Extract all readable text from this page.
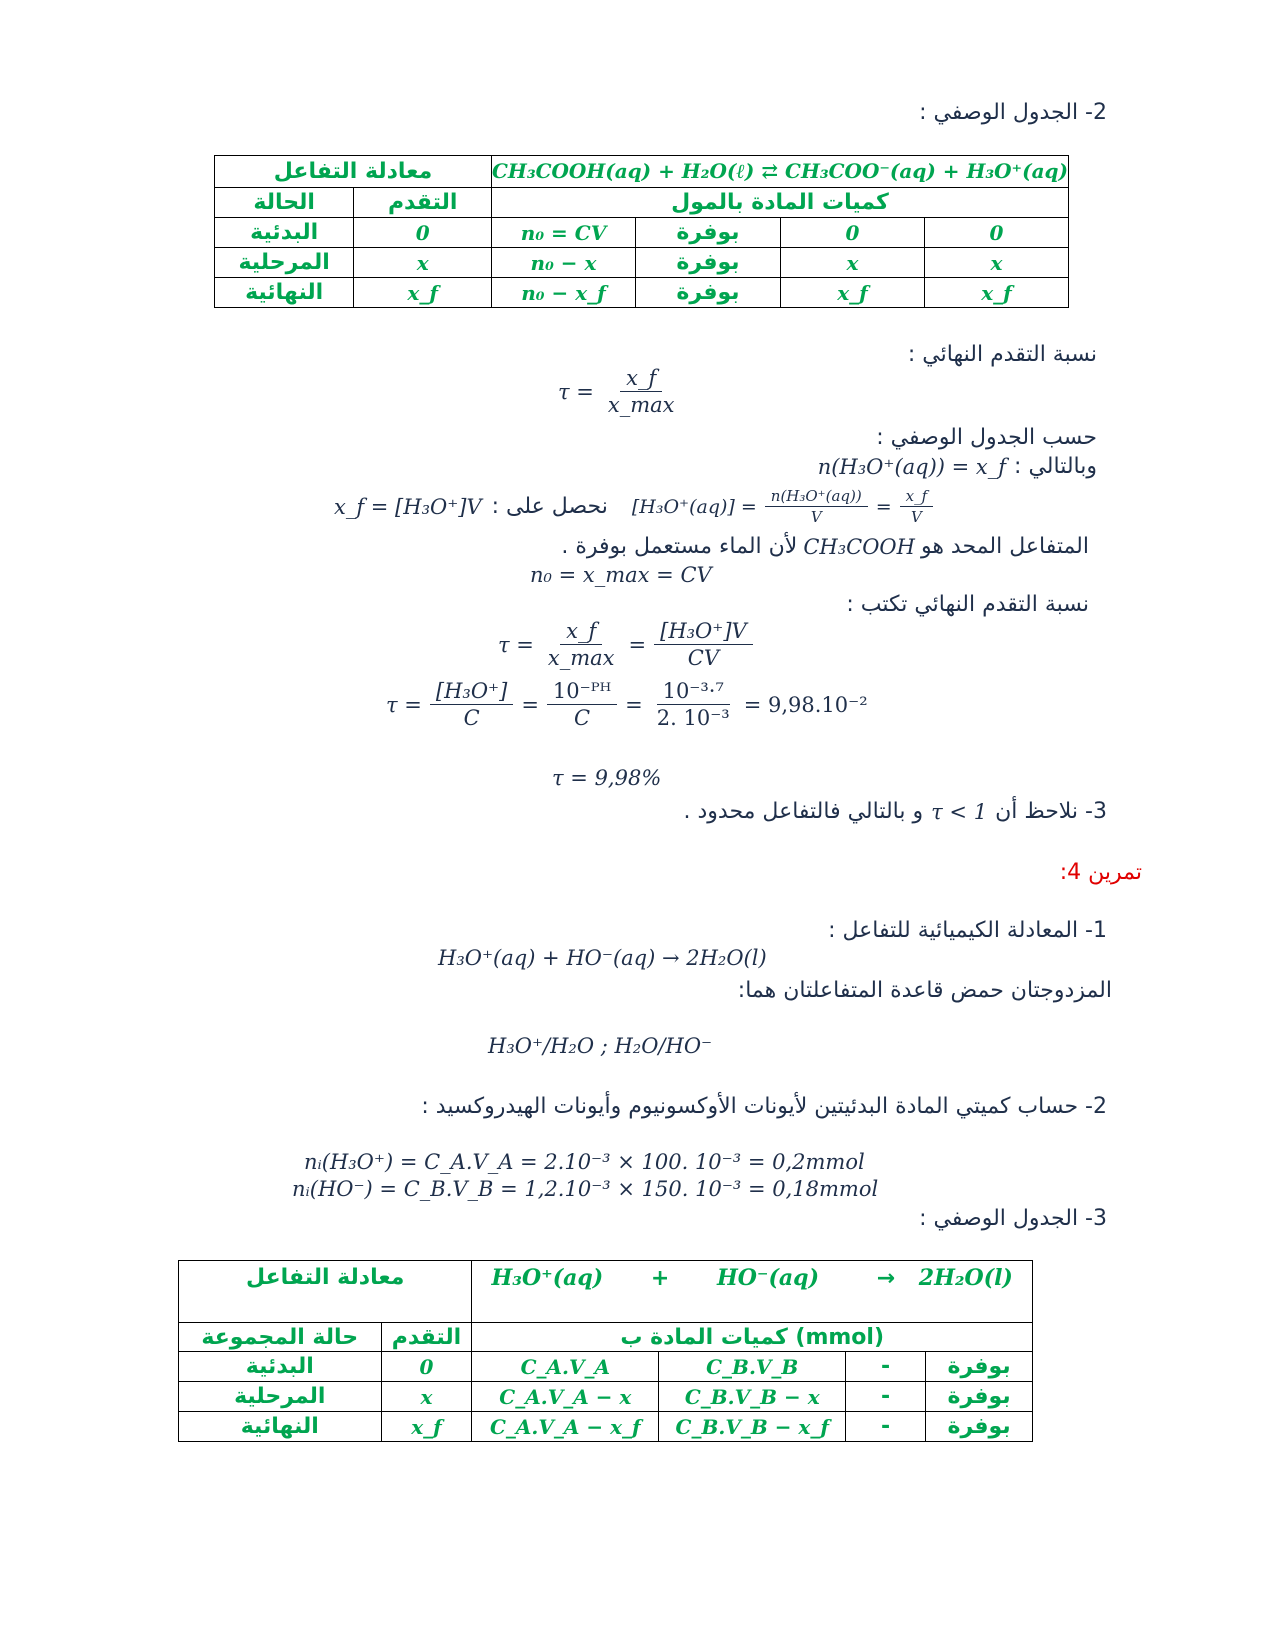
2- الجدول الوصفي :
معادلة التفاعل		CH₃COOH(aq) + H₂O(ℓ) ⇄ CH₃COO⁻(aq) + H₃O⁺(aq)			
الحالة	التقدم	كميات المادة بالمول			
البدئية	0	n₀ = CV	بوفرة	0	0
المرحلية	x	n₀ − x	بوفرة	x	x
النهائية	x_f	n₀ − x_f	بوفرة	x_f	x_f
نسبة التقدم النهائي :
$\tau = \frac{x\_f}{x\_\max}$
حسب الجدول الوصفي :
وبالتالي :
n(H₃O⁺(aq)) = x_f
x_f = [H₃O⁺]V نحصل على : $[H_3O^+(aq)] = \frac{\text{n(H₃O⁺(aq))}}{V} = \frac{x\_f}{V}$
المتفاعل المحد هو
CH₃COOH
لأن الماء مستعمل بوفرة .
n₀ = x_max = CV
نسبة التقدم النهائي تكتب :
$\tau = \frac{x\_f}{x\_\max} = \frac{\text{[H₃O⁺]V}}{CV}$
$\tau = \frac{\text{[H₃O⁺]}}{C} = \frac{\text{10⁻ᴾᴴ}}{C} = \frac{\text{10⁻³·⁷}}{\text{2. 10⁻³}} = 9,98.10^{-2}$
τ = 9,98%
3- نلاحظ أن
τ < 1
و بالتالي فالتفاعل محدود .
تمرين 4:
1- المعادلة الكيميائية للتفاعل :
H₃O⁺(aq) + HO⁻(aq) → 2H₂O(l)
المزدوجتان حمض قاعدة المتفاعلتان هما:
H₃O⁺/H₂O ; H₂O/HO⁻
2- حساب كميتي المادة البدئيتين لأيونات الأوكسونيوم وأيونات الهيدروكسيد :
nᵢ(H₃O⁺) = C_A.V_A = 2.10⁻³ × 100. 10⁻³ = 0,2mmol
nᵢ(HO⁻) = C_B.V_B = 1,2.10⁻³ × 150. 10⁻³ = 0,18mmol
3- الجدول الوصفي :
معادلة التفاعل		H₃O⁺(aq) + HO⁻(aq) → 2H₂O(l)			
حالة المجموعة	التقدم	كميات المادة ب (mmol)			
البدئية	0	C_A.V_A	C_B.V_B	-	بوفرة
المرحلية	x	C_A.V_A − x	C_B.V_B − x	-	بوفرة
النهائية	x_f	C_A.V_A − x_f	C_B.V_B − x_f	-	بوفرة
